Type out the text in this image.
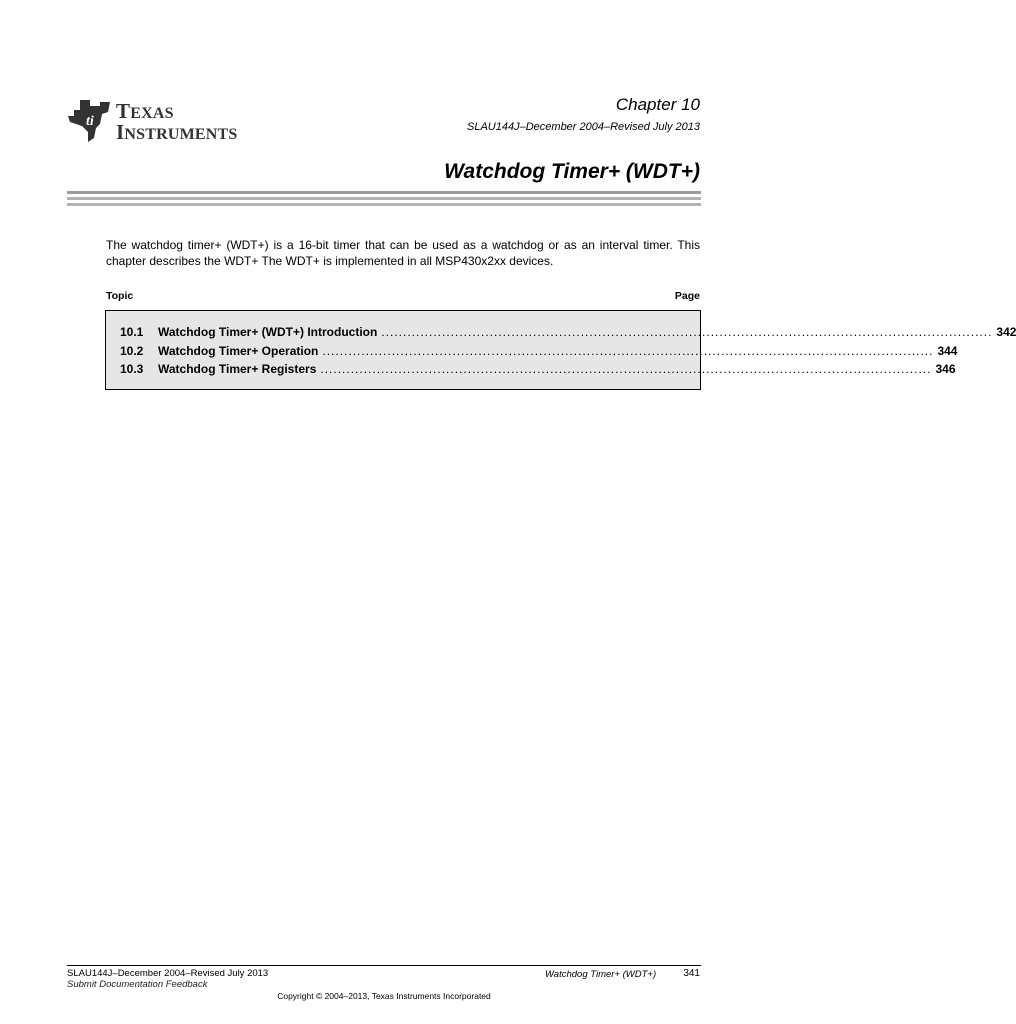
ti TEXAS
INSTRUMENTS
Chapter 10
SLAU144J–December 2004–Revised July 2013
Watchdog Timer+ (WDT+)
The watchdog timer+ (WDT+) is a 16-bit timer that can be used as a watchdog or as an interval timer. This chapter describes the WDT+ The WDT+ is implemented in all MSP430x2xx devices.
Topic	Page
10.1	Watchdog Timer+ (WDT+) Introduction ............................................................................................................................................. 342
10.2	Watchdog Timer+ Operation ............................................................................................................................................. 344
10.3	Watchdog Timer+ Registers ............................................................................................................................................. 346
SLAU144J–December 2004–Revised July 2013
Submit Documentation Feedback
Watchdog Timer+ (WDT+)	341
Copyright © 2004–2013, Texas Instruments Incorporated
